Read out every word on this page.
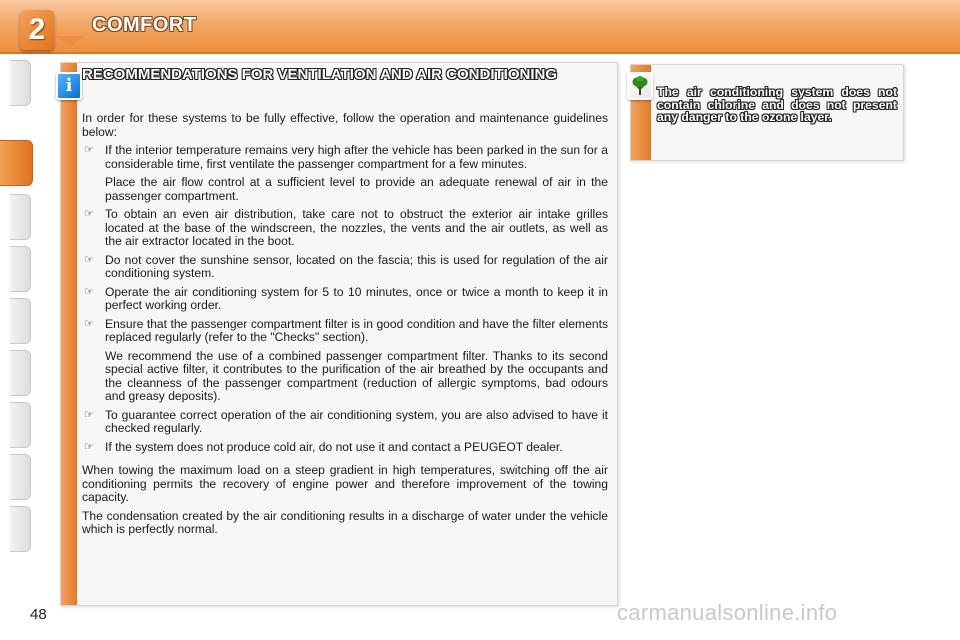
2	COMFORT
i
RECOMMENDATIONS FOR VENTILATION AND AIR CONDITIONING

In order for these systems to be fully effective, follow the operation and maintenance guidelines below:

☞ If the interior temperature remains very high after the vehicle has been parked in the sun for a considerable time, first ventilate the passenger compartment for a few minutes.
Place the air flow control at a sufficient level to provide an adequate renewal of air in the passenger compartment.
☞ To obtain an even air distribution, take care not to obstruct the exterior air intake grilles located at the base of the windscreen, the nozzles, the vents and the air outlets, as well as the air extractor located in the boot.
☞ Do not cover the sunshine sensor, located on the fascia; this is used for regulation of the air conditioning system.
☞ Operate the air conditioning system for 5 to 10 minutes, once or twice a month to keep it in perfect working order.
☞ Ensure that the passenger compartment filter is in good condition and have the filter elements replaced regularly (refer to the "Checks" section).
We recommend the use of a combined passenger compartment filter. Thanks to its second special active filter, it contributes to the purification of the air breathed by the occupants and the cleanness of the passenger compartment (reduction of allergic symptoms, bad odours and greasy deposits).
☞ To guarantee correct operation of the air conditioning system, you are also advised to have it checked regularly.
☞ If the system does not produce cold air, do not use it and contact a PEUGEOT dealer.

When towing the maximum load on a steep gradient in high temperatures, switching off the air conditioning permits the recovery of engine power and therefore improvement of the towing capacity.

The condensation created by the air conditioning results in a discharge of water under the vehicle which is perfectly normal.

The air conditioning system does not contain chlorine and does not present any danger to the ozone layer.
48	carmanualsonline.info
